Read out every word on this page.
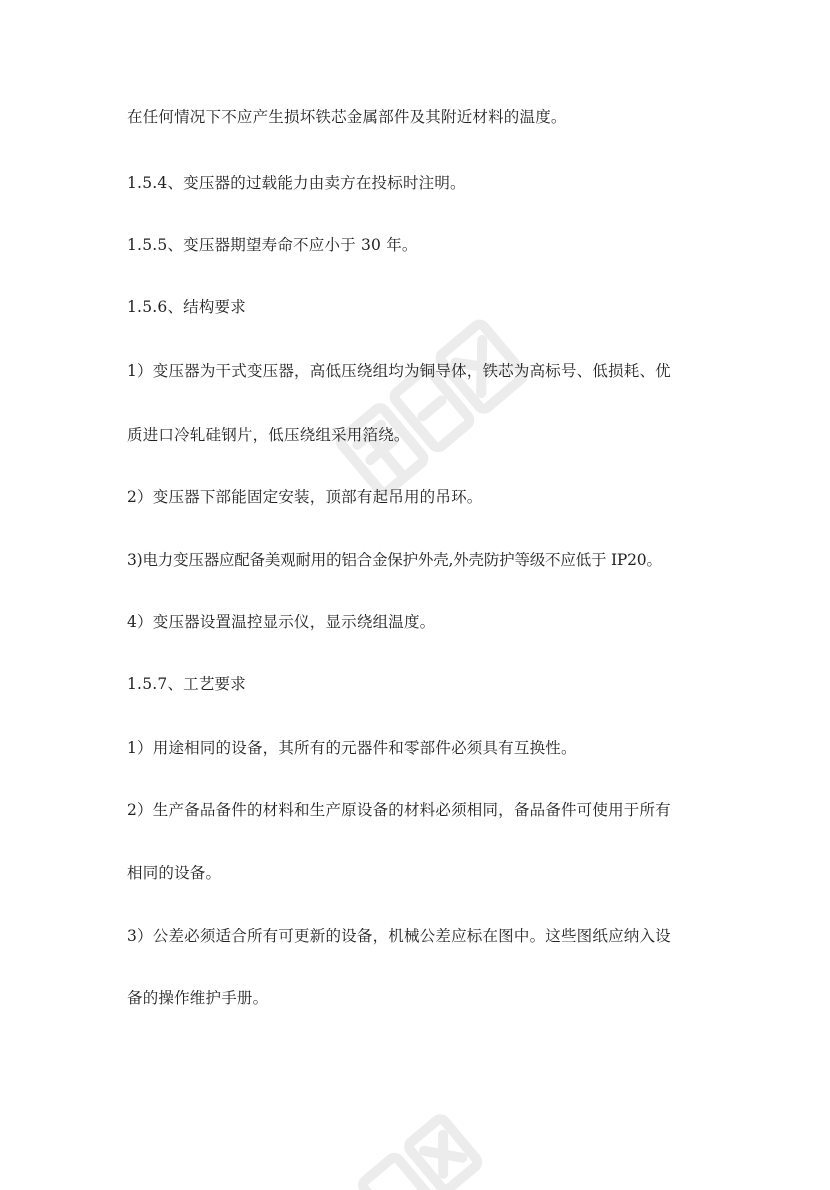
在任何情况下不应产生损坏铁芯金属部件及其附近材料的温度。
1.5.4、变压器的过载能力由卖方在投标时注明。
1.5.5、变压器期望寿命不应小于 30 年。
1.5.6、结构要求
1）变压器为干式变压器，高低压绕组均为铜导体，铁芯为高标号、低损耗、优
质进口冷轧硅钢片，低压绕组采用箔绕。
2）变压器下部能固定安装，顶部有起吊用的吊环。
3)电力变压器应配备美观耐用的铝合金保护外壳,外壳防护等级不应低于 IP20。
4）变压器设置温控显示仪，显示绕组温度。
1.5.7、工艺要求
1）用途相同的设备，其所有的元器件和零部件必须具有互换性。
2）生产备品备件的材料和生产原设备的材料必须相同，备品备件可使用于所有
相同的设备。
3）公差必须适合所有可更新的设备，机械公差应标在图中。这些图纸应纳入设
备的操作维护手册。
